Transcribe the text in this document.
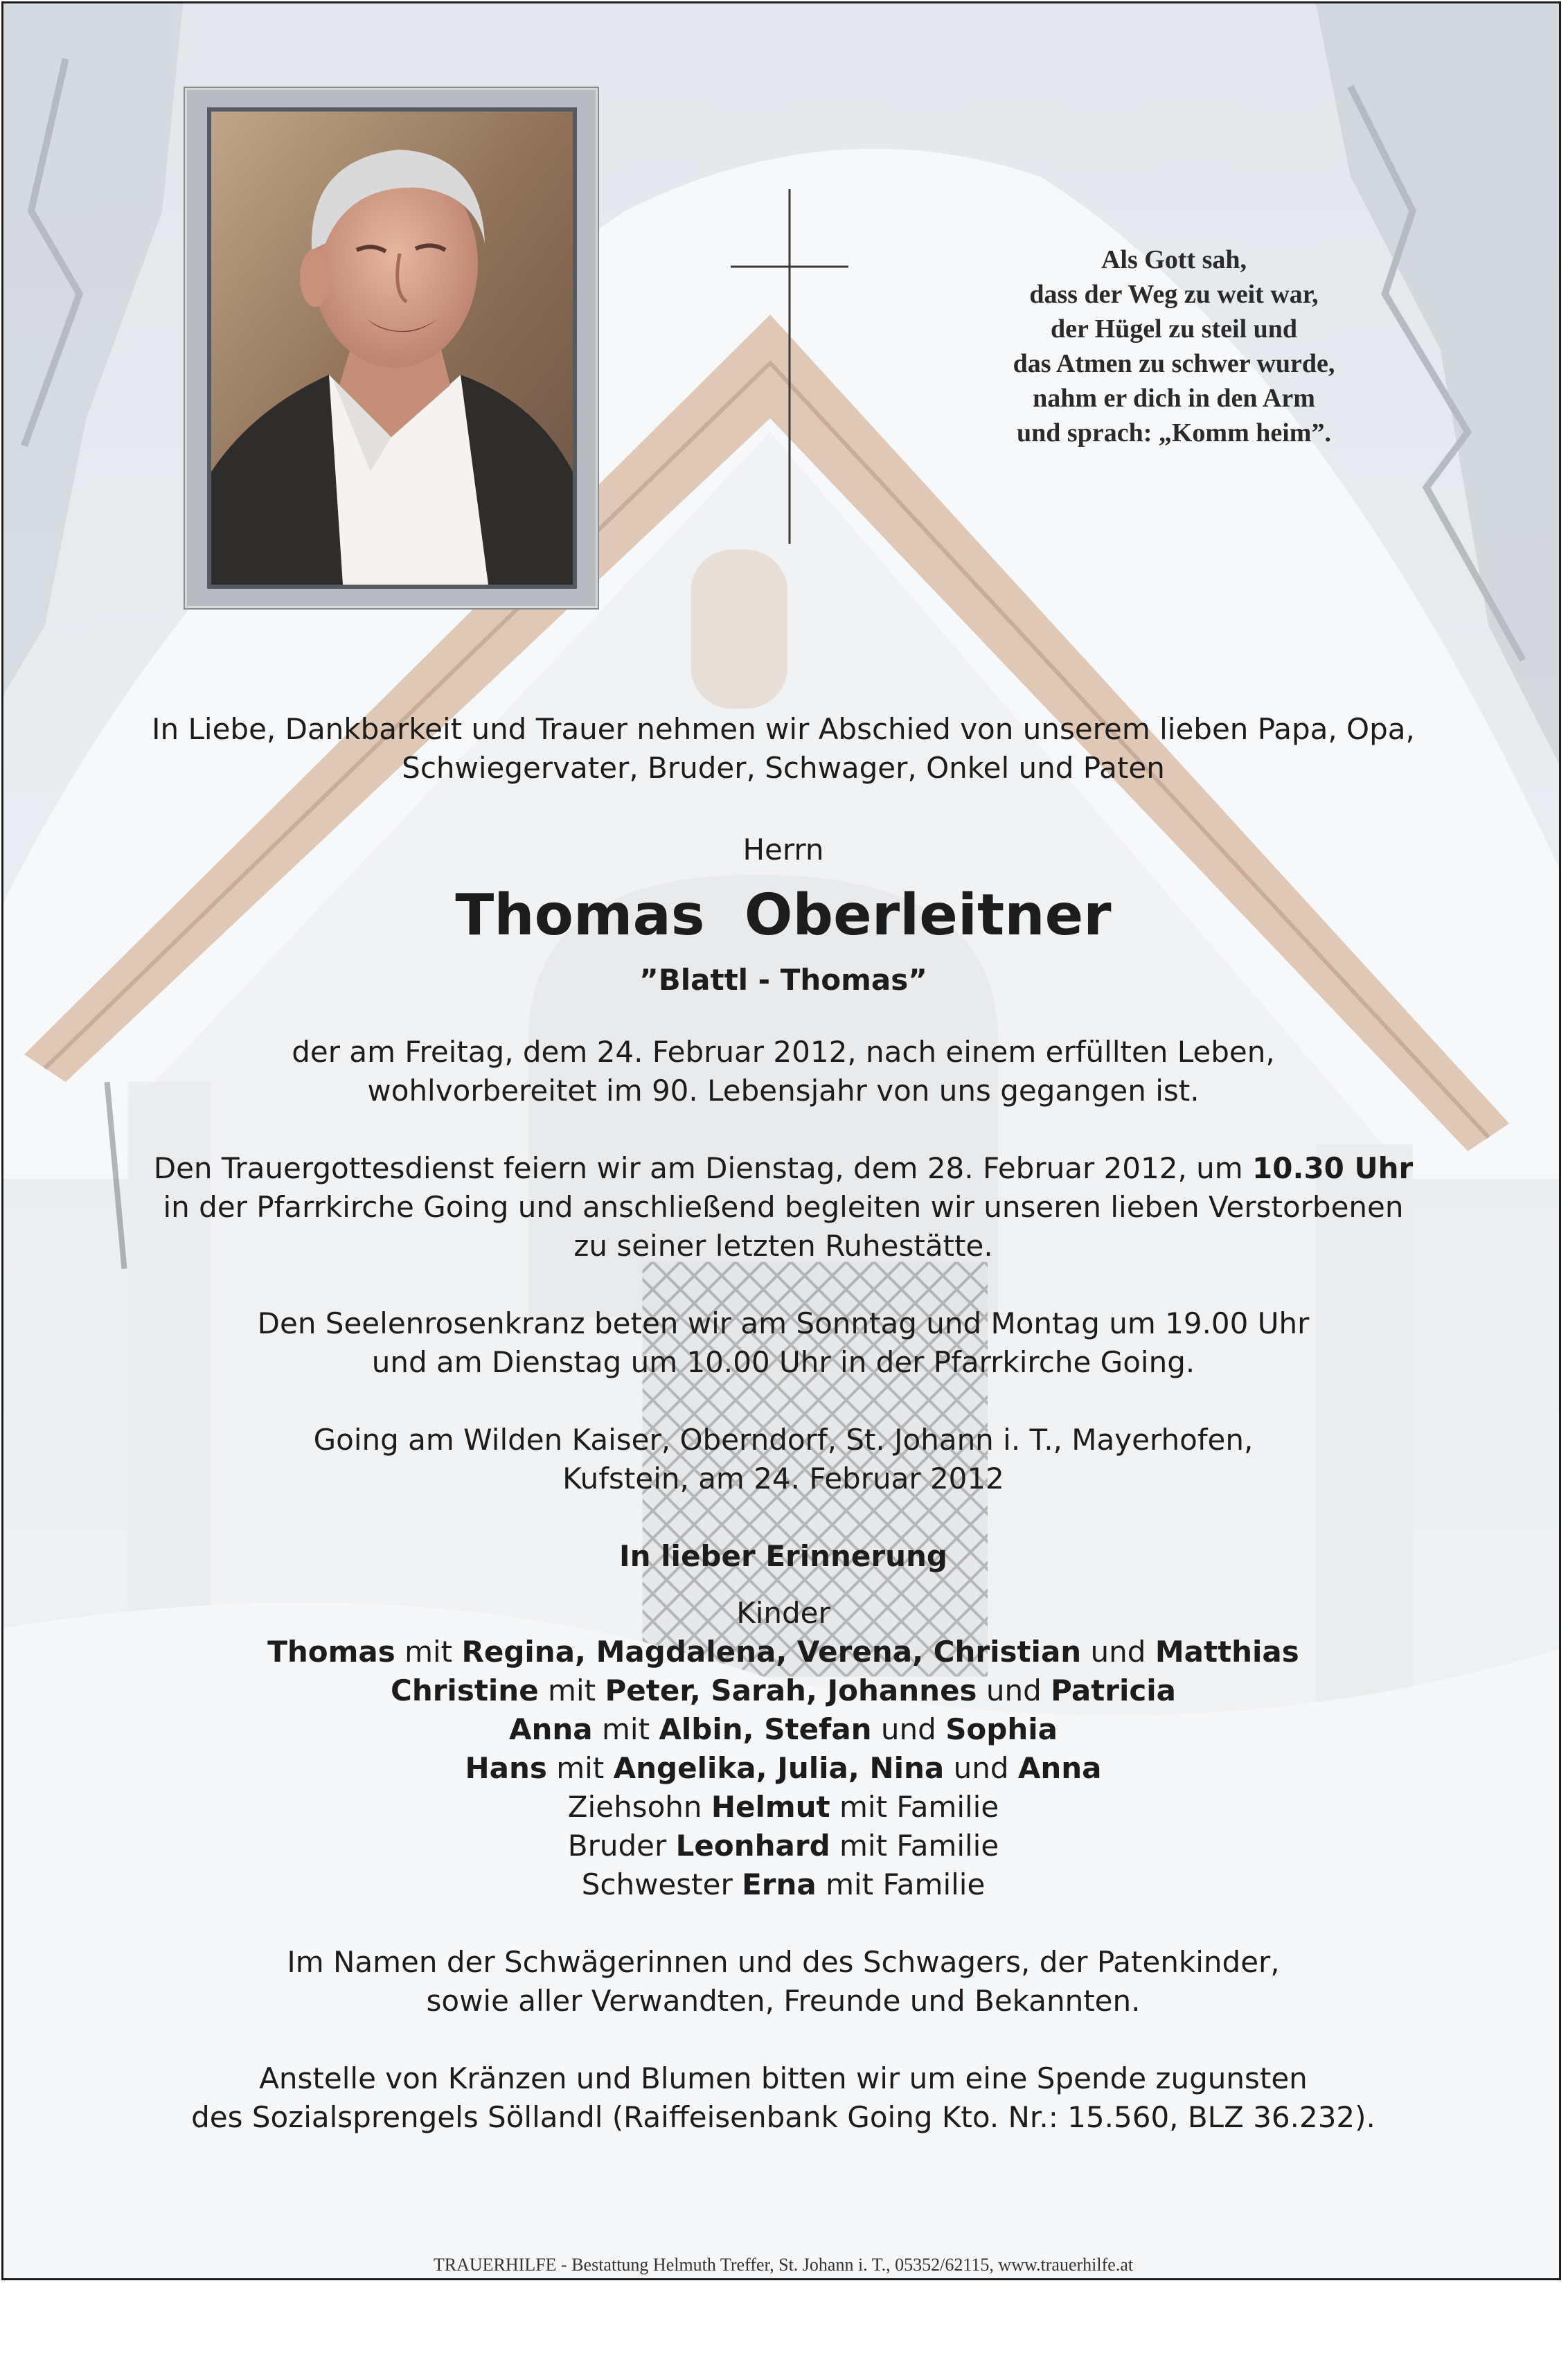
Als Gott sah,
dass der Weg zu weit war,
der Hügel zu steil und
das Atmen zu schwer wurde,
nahm er dich in den Arm
und sprach: „Komm heim”.
In Liebe, Dankbarkeit und Trauer nehmen wir Abschied von unserem lieben Papa, Opa,
Schwiegervater, Bruder, Schwager, Onkel und Paten
Herrn
Thomas  Oberleitner
”Blattl - Thomas”
der am Freitag, dem 24. Februar 2012, nach einem erfüllten Leben,
wohlvorbereitet im 90. Lebensjahr von uns gegangen ist.
Den Trauergottesdienst feiern wir am Dienstag, dem 28. Februar 2012, um 10.30 Uhr
in der Pfarrkirche Going und anschließend begleiten wir unseren lieben Verstorbenen
zu seiner letzten Ruhestätte.
Den Seelenrosenkranz beten wir am Sonntag und Montag um 19.00 Uhr
und am Dienstag um 10.00 Uhr in der Pfarrkirche Going.
Going am Wilden Kaiser, Oberndorf, St. Johann i. T., Mayerhofen,
Kufstein, am 24. Februar 2012
In lieber Erinnerung
Kinder
Thomas mit Regina, Magdalena, Verena, Christian und Matthias
Christine mit Peter, Sarah, Johannes und Patricia
Anna mit Albin, Stefan und Sophia
Hans mit Angelika, Julia, Nina und Anna
Ziehsohn Helmut mit Familie
Bruder Leonhard mit Familie
Schwester Erna mit Familie
Im Namen der Schwägerinnen und des Schwagers, der Patenkinder,
sowie aller Verwandten, Freunde und Bekannten.
Anstelle von Kränzen und Blumen bitten wir um eine Spende zugunsten
des Sozialsprengels Söllandl (Raiffeisenbank Going Kto. Nr.: 15.560, BLZ 36.232).
TRAUERHILFE - Bestattung Helmuth Treffer, St. Johann i. T., 05352/62115, www.trauerhilfe.at
